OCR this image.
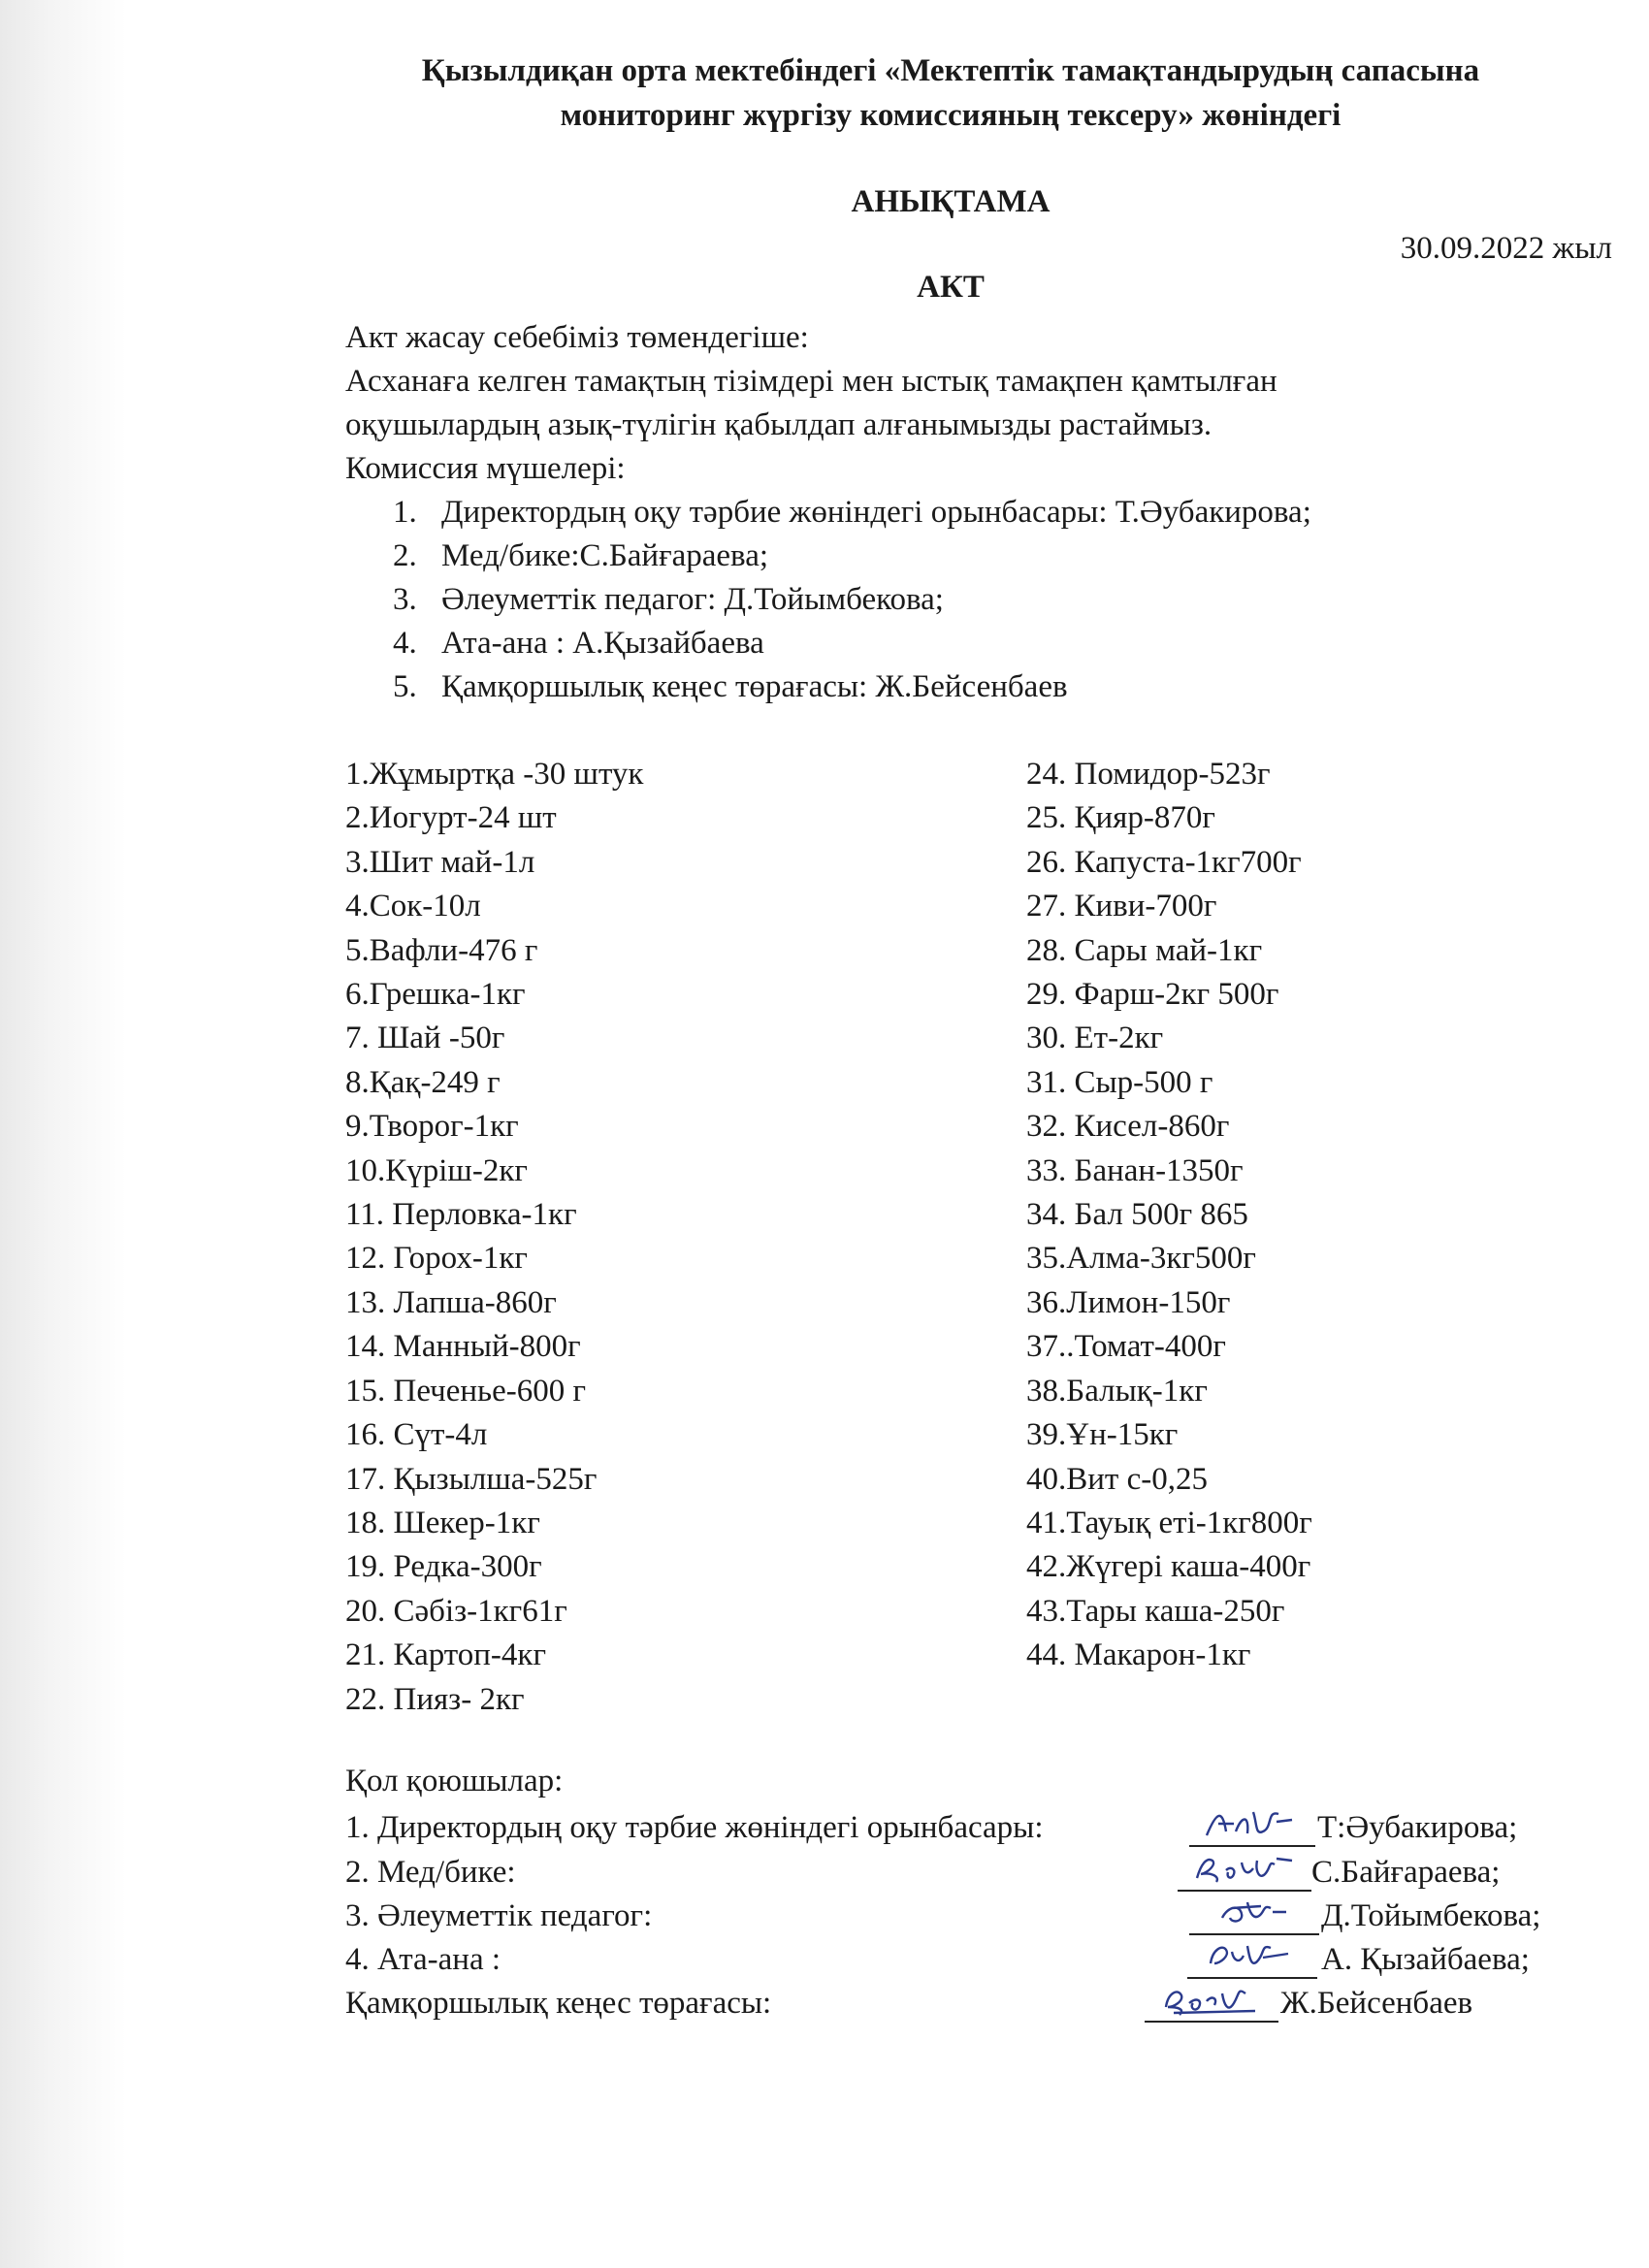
Қызылдиқан орта мектебіндегі «Мектептік тамақтандырудың сапасына
мониторинг жүргізу комиссияның тексеру» жөніндегі
АНЫҚТАМА
30.09.2022 жыл
АКТ
Акт жасау себебіміз төмендегіше:
Асханаға келген тамақтың тізімдері мен ыстық тамақпен қамтылған
оқушылардың азық-түлігін қабылдап алғанымызды растаймыз.
Комиссия мүшелері:
1. Директордың оқу тәрбие жөніндегі орынбасары: Т.Әубакирова;
2. Мед/бике:С.Байғараева;
3. Әлеуметтік педагог: Д.Тойымбекова;
4. Ата-ана : А.Қызайбаева
5. Қамқоршылық кеңес төрағасы: Ж.Бейсенбаев
1.Жұмыртқа -30 штук
2.Иогурт-24 шт
3.Шит май-1л
4.Сок-10л
5.Вафли-476 г
6.Грешка-1кг
7. Шай -50г
8.Қақ-249 г
9.Творог-1кг
10.Күріш-2кг
11. Перловка-1кг
12. Горох-1кг
13. Лапша-860г
14. Манный-800г
15. Печенье-600 г
16. Сүт-4л
17. Қызылша-525г
18. Шекер-1кг
19. Редка-300г
20. Сәбіз-1кг61г
21. Картоп-4кг
22. Пияз- 2кг
24. Помидор-523г
25. Қияр-870г
26. Капуста-1кг700г
27. Киви-700г
28. Сары май-1кг
29. Фарш-2кг 500г
30. Ет-2кг
31. Сыр-500 г
32. Кисел-860г
33. Банан-1350г
34. Бал 500г 865
35.Алма-3кг500г
36.Лимон-150г
37..Томат-400г
38.Балық-1кг
39.Ұн-15кг
40.Вит с-0,25
41.Тауық еті-1кг800г
42.Жүгері каша-400г
43.Тары каша-250г
44. Макарон-1кг
Қол қоюшылар:
1. Директордың оқу тәрбие жөніндегі орынбасары:	Т:Әубакирова;
2. Мед/бике:	С.Байғараева;
3. Әлеуметтік педагог:	Д.Тойымбекова;
4. Ата-ана :	А. Қызайбаева;
Қамқоршылық кеңес төрағасы:	Ж.Бейсенбаев
